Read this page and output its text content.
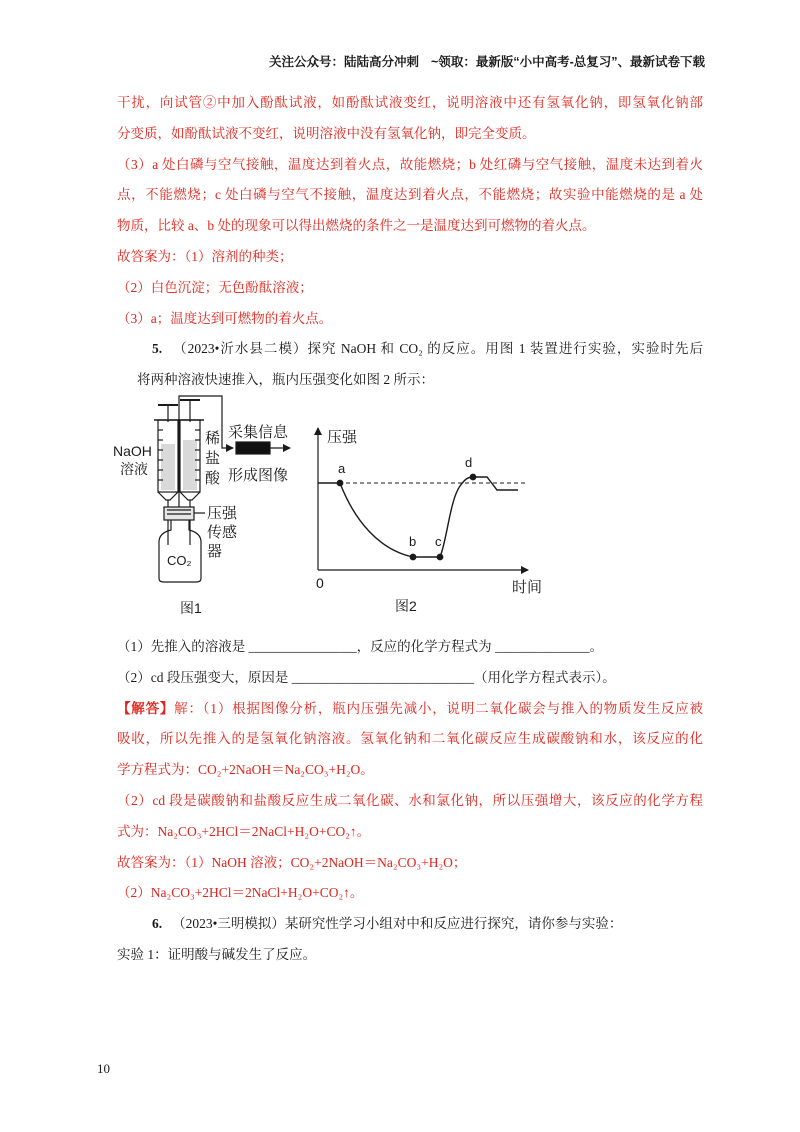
关注公众号：陆陆高分冲刺 ~领取：最新版“小中高考-总复习”、最新试卷下载
干扰，向试管②中加入酚酞试液，如酚酞试液变红，说明溶液中还有氢氧化钠，即氢氧化钠部
分变质，如酚酞试液不变红，说明溶液中没有氢氧化钠，即完全变质。
（3）a 处白磷与空气接触，温度达到着火点，故能燃烧；b 处红磷与空气接触，温度未达到着火
点，不能燃烧；c 处白磷与空气不接触，温度达到着火点，不能燃烧；故实验中能燃烧的是 a 处
物质，比较 a、b 处的现象可以得出燃烧的条件之一是温度达到可燃物的着火点。
故答案为：（1）溶剂的种类；
（2）白色沉淀；无色酚酞溶液；
（3）a；温度达到可燃物的着火点。
5. （2023•沂水县二模）探究 NaOH 和 CO₂ 的反应。用图 1 装置进行实验，实验时先后
将两种溶液快速推入，瓶内压强变化如图 2 所示：
NaOH
溶液
稀
盐
酸
采集信息
形成图像
压强
传感
器
CO₂
图1
压强
时间
0
a
b c
d
图2
（1）先推入的溶液是 ________________，反应的化学方程式为 ______________。
（2）cd 段压强变大，原因是 ___________________________（用化学方程式表示）。
【解答】解：（1）根据图像分析，瓶内压强先减小，说明二氧化碳会与推入的物质发生反应被
吸收，所以先推入的是氢氧化钠溶液。氢氧化钠和二氧化碳反应生成碳酸钠和水，该反应的化
学方程式为：CO₂+2NaOH＝Na₂CO₃+H₂O。
（2）cd 段是碳酸钠和盐酸反应生成二氧化碳、水和氯化钠，所以压强增大，该反应的化学方程
式为：Na₂CO₃+2HCl＝2NaCl+H₂O+CO₂↑。
故答案为：（1）NaOH 溶液；CO₂+2NaOH＝Na₂CO₃+H₂O；
（2）Na₂CO₃+2HCl＝2NaCl+H₂O+CO₂↑。
6. （2023•三明模拟）某研究性学习小组对中和反应进行探究，请你参与实验：
实验 1：证明酸与碱发生了反应。
10
